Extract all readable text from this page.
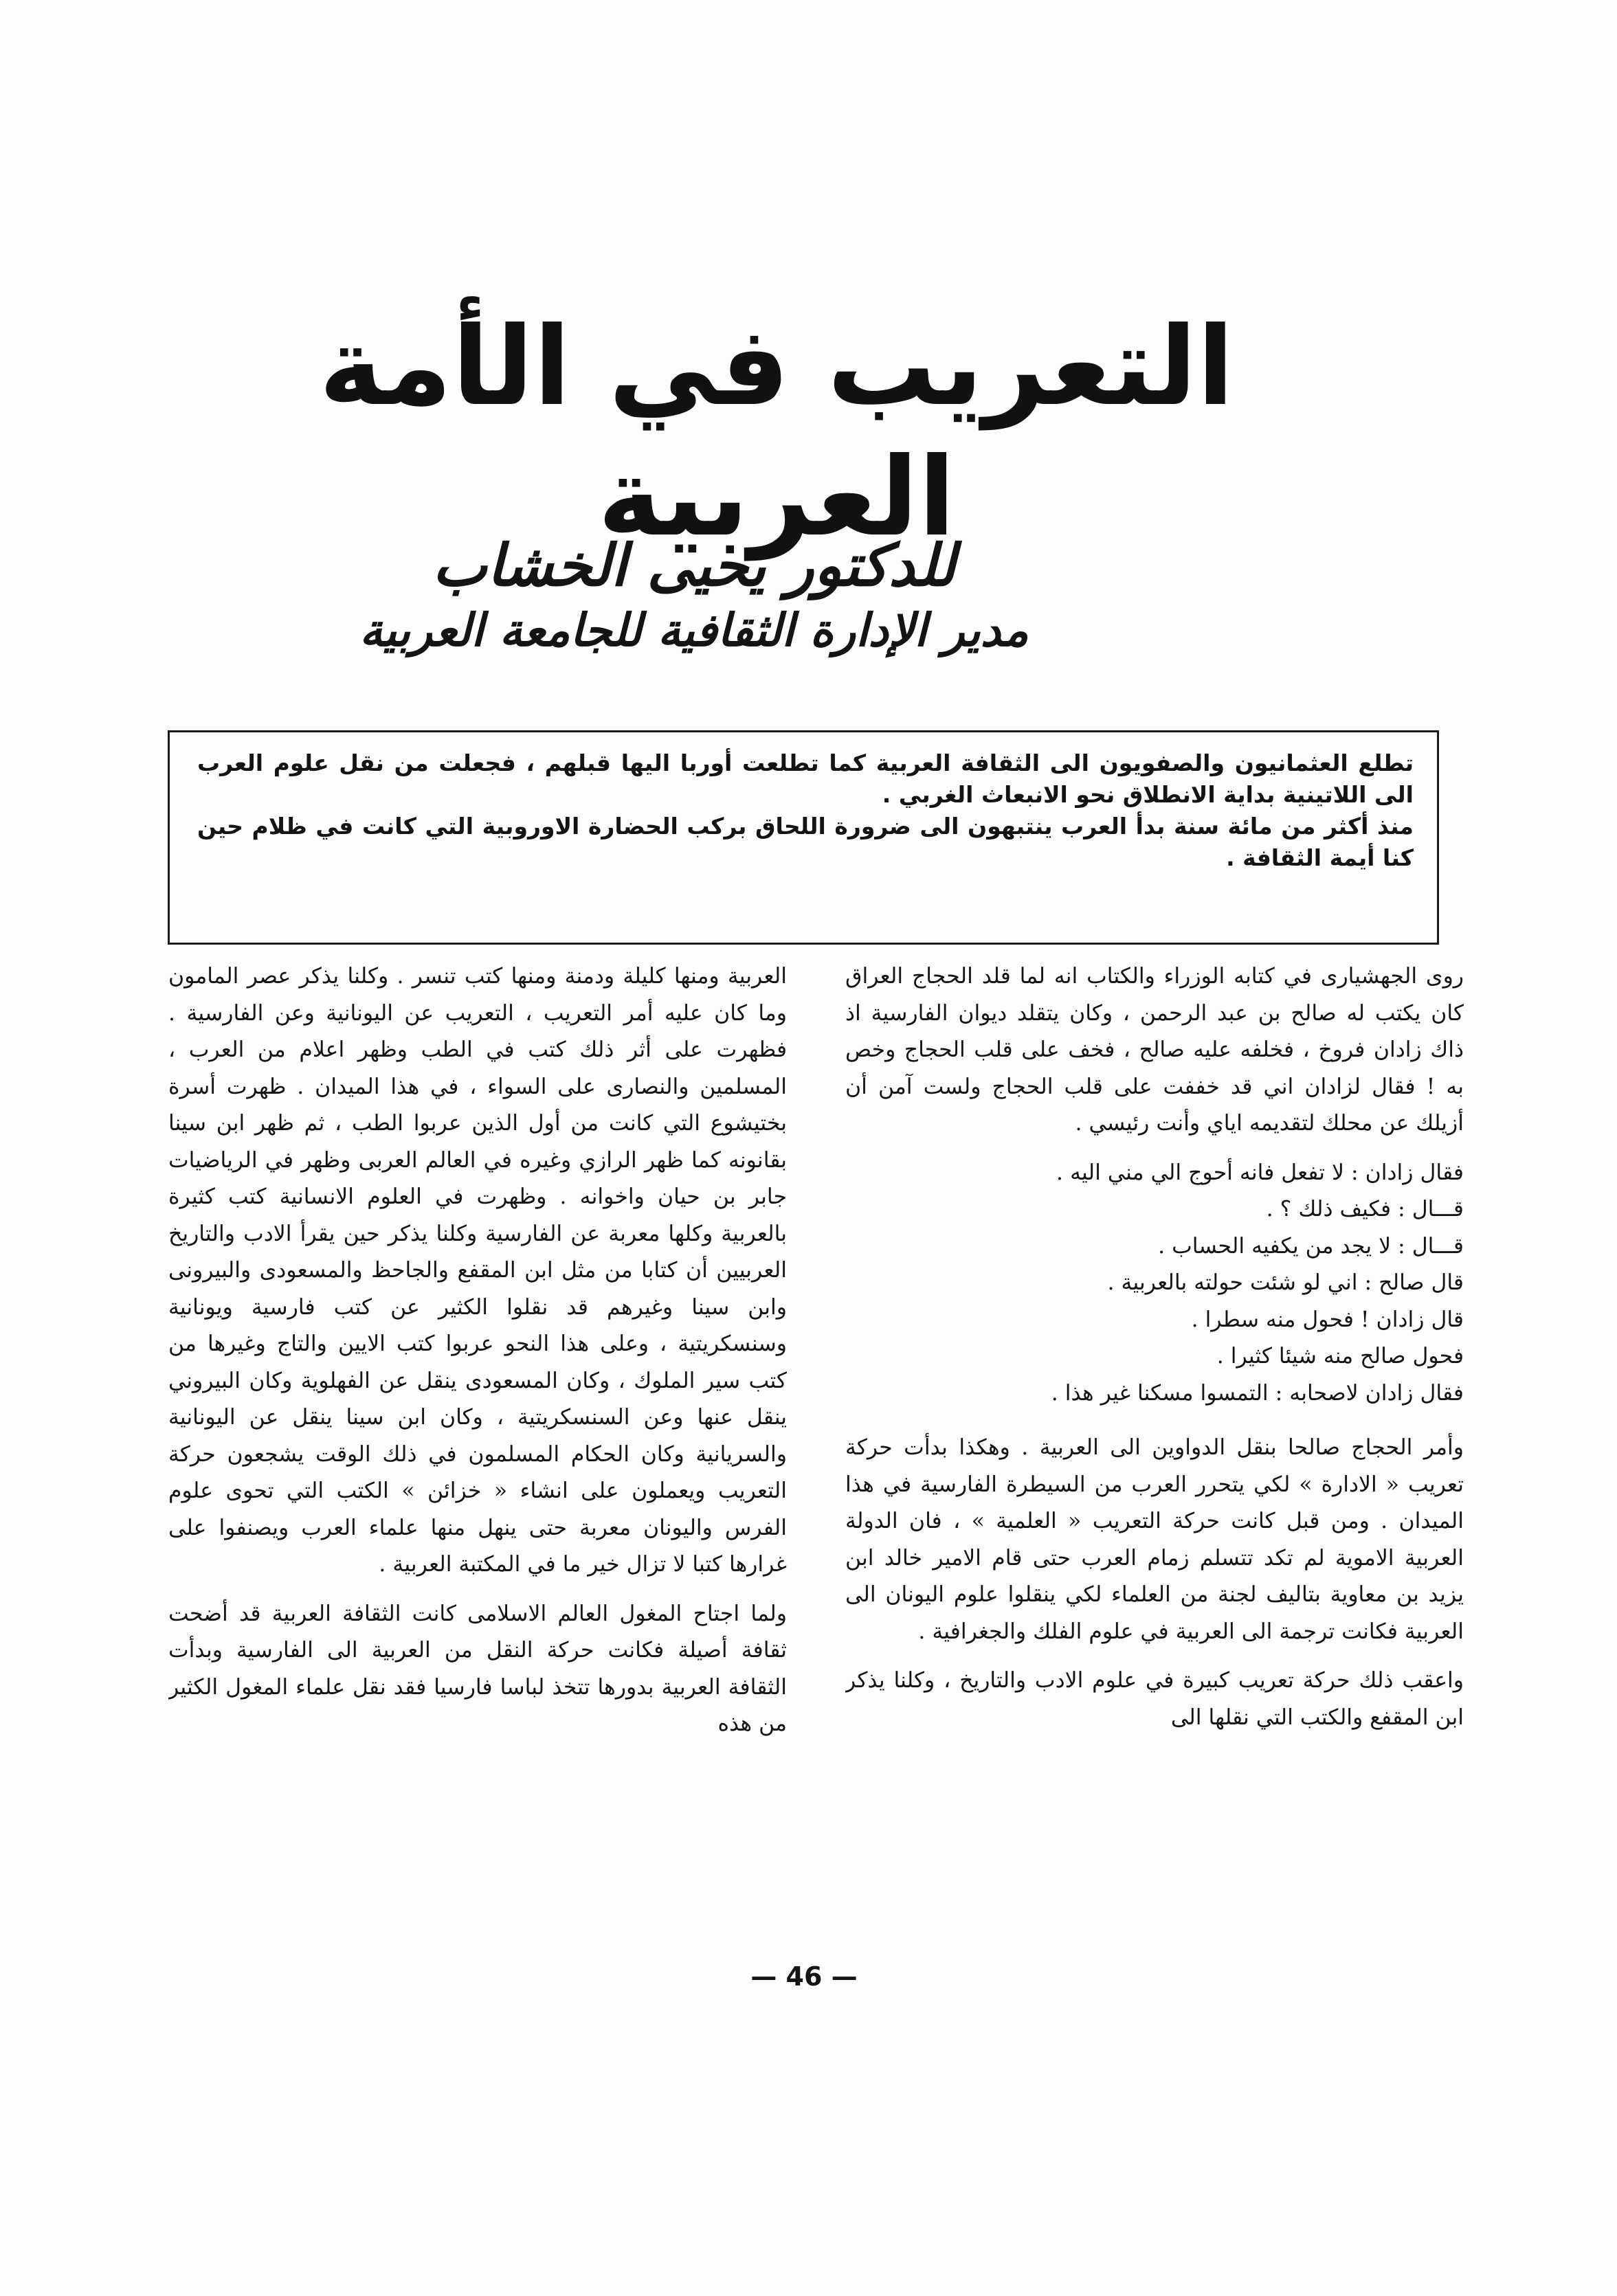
التعريب في الأمة العربية
للدكتور يحيى الخشاب
مدير الإدارة الثقافية للجامعة العربية

تطلع العثمانيون والصفويون الى الثقافة العربية كما تطلعت أوربا اليها قبلهم ، فجعلت من نقل علوم العرب الى اللاتينية بداية الانطلاق نحو الانبعاث الغربي .

منذ أكثر من مائة سنة بدأ العرب ينتبهون الى ضرورة اللحاق بركب الحضارة الاوروبية التي كانت في ظلام حين كنا أيمة الثقافة .

روى الجهشيارى في كتابه الوزراء والكتاب انه لما قلد الحجاج العراق كان يكتب له صالح بن عبد الرحمن ، وكان يتقلد ديوان الفارسية اذ ذاك زادان فروخ ، فخلفه عليه صالح ، فخف على قلب الحجاج وخص به ! فقال لزادان اني قد خففت على قلب الحجاج ولست آمن أن أزيلك عن محلك لتقديمه اياي وأنت رئيسي .

فقال زادان : لا تفعل فانه أحوج الي مني اليه .

قـــال : فكيف ذلك ؟ .

قـــال : لا يجد من يكفيه الحساب .

قال صالح : اني لو شئت حولته بالعربية .

قال زادان ! فحول منه سطرا .

فحول صالح منه شيئا كثيرا .

فقال زادان لاصحابه : التمسوا مسكنا غير هذا .

وأمر الحجاج صالحا بنقل الدواوين الى العربية . وهكذا بدأت حركة تعريب « الادارة » لكي يتحرر العرب من السيطرة الفارسية في هذا الميدان . ومن قبل كانت حركة التعريب « العلمية » ، فان الدولة العربية الاموية لم تكد تتسلم زمام العرب حتى قام الامير خالد ابن يزيد بن معاوية بتاليف لجنة من العلماء لكي ينقلوا علوم اليونان الى العربية فكانت ترجمة الى العربية في علوم الفلك والجغرافية .

واعقب ذلك حركة تعريب كبيرة في علوم الادب والتاريخ ، وكلنا يذكر ابن المقفع والكتب التي نقلها الى

العربية ومنها كليلة ودمنة ومنها كتب تنسر . وكلنا يذكر عصر المامون وما كان عليه أمر التعريب ، التعريب عن اليونانية وعن الفارسية . فظهرت على أثر ذلك كتب في الطب وظهر اعلام من العرب ، المسلمين والنصارى على السواء ، في هذا الميدان . ظهرت أسرة بختيشوع التي كانت من أول الذين عربوا الطب ، ثم ظهر ابن سينا بقانونه كما ظهر الرازي وغيره في العالم العربى وظهر في الرياضيات جابر بن حيان واخوانه . وظهرت في العلوم الانسانية كتب كثيرة بالعربية وكلها معربة عن الفارسية وكلنا يذكر حين يقرأ الادب والتاريخ العربيين أن كتابا من مثل ابن المقفع والجاحظ والمسعودى والبيرونى وابن سينا وغيرهم قد نقلوا الكثير عن كتب فارسية ويونانية وسنسكريتية ، وعلى هذا النحو عربوا كتب الايين والتاج وغيرها من كتب سير الملوك ، وكان المسعودى ينقل عن الفهلوية وكان البيروني ينقل عنها وعن السنسكريتية ، وكان ابن سينا ينقل عن اليونانية والسريانية وكان الحكام المسلمون في ذلك الوقت يشجعون حركة التعريب ويعملون على انشاء « خزائن » الكتب التي تحوى علوم الفرس واليونان معربة حتى ينهل منها علماء العرب ويصنفوا على غرارها كتبا لا تزال خير ما في المكتبة العربية .

ولما اجتاح المغول العالم الاسلامى كانت الثقافة العربية قد أضحت ثقافة أصيلة فكانت حركة النقل من العربية الى الفارسية وبدأت الثقافة العربية بدورها تتخذ لباسا فارسيا فقد نقل علماء المغول الكثير من هذه

— 46 —
